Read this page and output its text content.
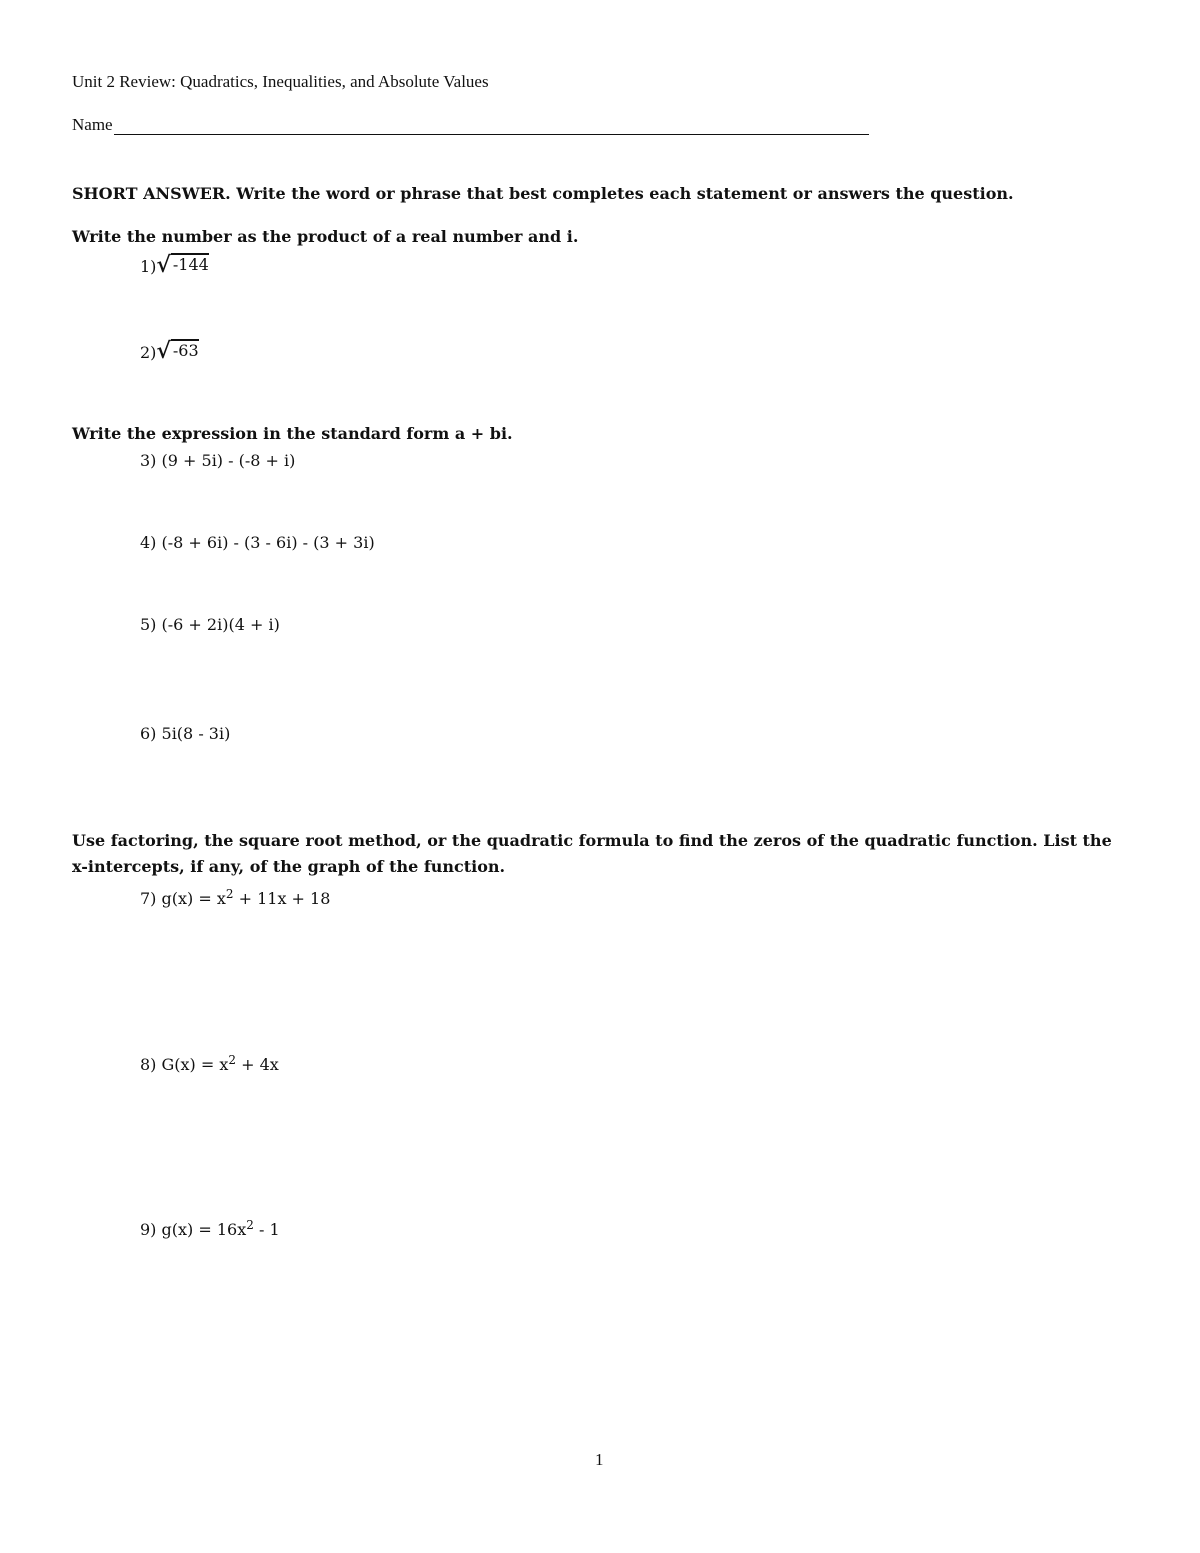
Unit 2 Review: Quadratics, Inequalities, and Absolute Values
Name
SHORT ANSWER. Write the word or phrase that best completes each statement or answers the question.
Write the number as the product of a real number and i.
1) √ -144
2) √ -63
Write the expression in the standard form a + bi.
3) (9 + 5i) - (-8 + i)
4) (-8 + 6i) - (3 - 6i) - (3 + 3i)
5) (-6 + 2i)(4 + i)
6) 5i(8 - 3i)
Use factoring, the square root method, or the quadratic formula to find the zeros of the quadratic function. List the
x-intercepts, if any, of the graph of the function.
7) $g(x) = x^2 + 11x + 18$
8) $G(x) = x^2 + 4x$
9) $g(x) = 16x^2 - 1$
1
